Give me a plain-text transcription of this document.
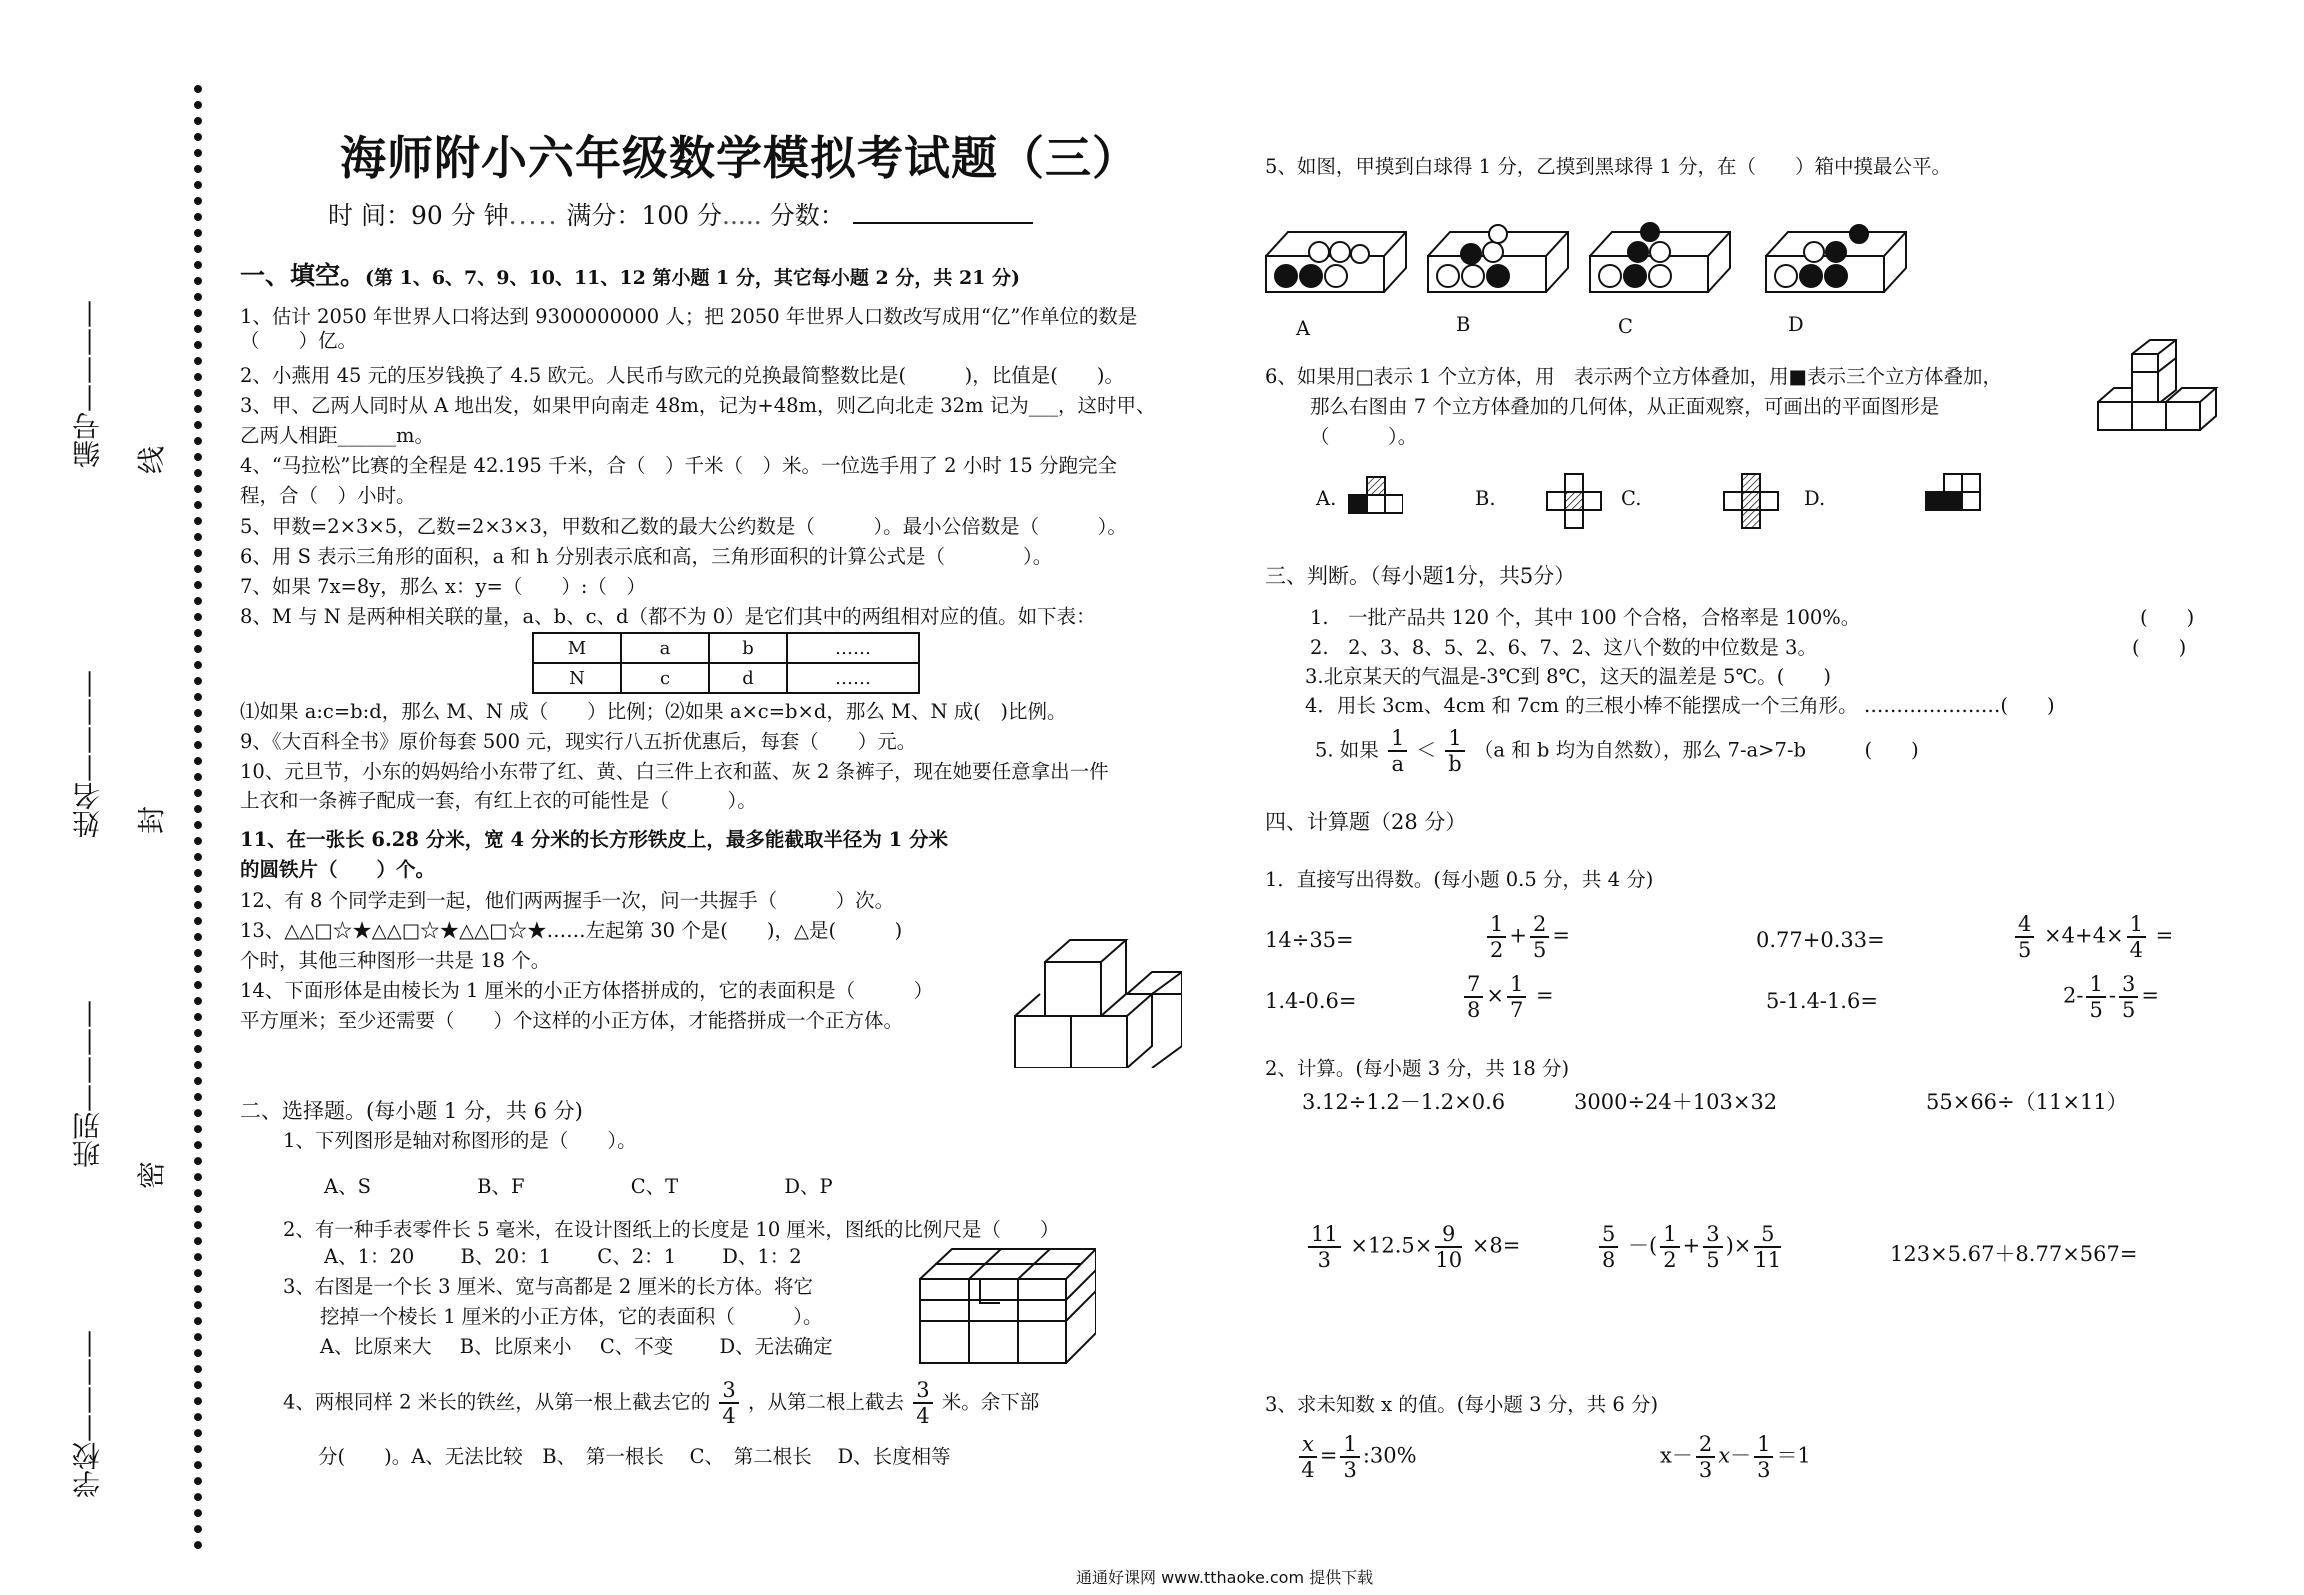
学校————
班别————
姓名————
编号————
密
封
线
海师附小六年级数学模拟考试题（三）
时 间：90 分 钟..... 满分：100 分..... 分数：
一、填空。(第 1、6、7、9、10、11、12 第小题 1 分，其它每小题 2 分，共 21 分)
1、估计 2050 年世界人口将达到 9300000000 人；把 2050 年世界人口数改写成用“亿”作单位的数是
（　　）亿。
2、小燕用 45 元的压岁钱换了 4.5 欧元。人民币与欧元的兑换最简整数比是(　　　)，比值是(　　)。
3、甲、乙两人同时从 A 地出发，如果甲向南走 48m，记为+48m，则乙向北走 32m 记为___，这时甲、
乙两人相距______m。
4、“马拉松”比赛的全程是 42.195 千米，合（　）千米（　）米。一位选手用了 2 小时 15 分跑完全
程，合（　）小时。
5、甲数=2×3×5，乙数=2×3×3，甲数和乙数的最大公约数是（　　　）。最小公倍数是（　　　）。
6、用 S 表示三角形的面积，a 和 h 分别表示底和高，三角形面积的计算公式是（　　　　）。
7、如果 7x=8y，那么 x：y=（　　）:（　）
8、M 与 N 是两种相关联的量，a、b、c、d（都不为 0）是它们其中的两组相对应的值。如下表：
M	a	b	……
N	c	d	……
⑴如果 a:c=b:d，那么 M、N 成（　　）比例；⑵如果 a×c=b×d，那么 M、N 成(　)比例。
9、《大百科全书》原价每套 500 元，现实行八五折优惠后，每套（　　）元。
10、元旦节，小东的妈妈给小东带了红、黄、白三件上衣和蓝、灰 2 条裤子，现在她要任意拿出一件
上衣和一条裤子配成一套，有红上衣的可能性是（　　　）。
11、在一张长 6.28 分米，宽 4 分米的长方形铁皮上，最多能截取半径为 1 分米
的圆铁片（　　）个。
12、有 8 个同学走到一起，他们两两握手一次，问一共握手（　　　）次。
13、△△□☆★△△□☆★△△□☆★……左起第 30 个是(　　)，△是(　　　)
个时，其他三种图形一共是 18 个。
14、下面形体是由棱长为 1 厘米的小正方体搭拼成的，它的表面积是（　　　）
平方厘米；至少还需要（　　）个这样的小正方体，才能搭拼成一个正方体。
二、选择题。(每小题 1 分，共 6 分)
1、下列图形是轴对称图形的是（　　）。
A、S	B、F	C、T	D、P
2、有一种手表零件长 5 毫米，在设计图纸上的长度是 10 厘米，图纸的比例尺是（　　）
A、1：20 B、20：1 C、2：1 D、1：2
3、右图是一个长 3 厘米、宽与高都是 2 厘米的长方体。将它
挖掉一个棱长 1 厘米的小正方体，它的表面积（　　　）。
A、比原来大 B、比原来小 C、不变 D、无法确定
4、两根同样 2 米长的铁丝，从第一根上截去它的 $\frac{3}{4}$ ，从第二根上截去 $\frac{3}{4}$ 米。余下部
分(　　)。A、无法比较　B、　第一根长　 C、　第二根长　 D、长度相等
5、如图，甲摸到白球得 1 分，乙摸到黑球得 1 分，在（　　）箱中摸最公平。
A	B	C	D
6、如果用□表示 1 个立方体，用　表示两个立方体叠加，用■表示三个立方体叠加，
那么右图由 7 个立方体叠加的几何体，从正面观察，可画出的平面图形是
（　　　）。
A.	B.	C.	D.
三、判断。（每小题1分，共5分）
1.　一批产品共 120 个，其中 100 个合格，合格率是 100%。	(　　)
2.　2、3、8、5、2、6、7、2、这八个数的中位数是 3。	(　　)
3.北京某天的气温是-3℃到 8℃，这天的温差是 5℃。(　　)
4．用长 3cm、4cm 和 7cm 的三根小棒不能摆成一个三角形。 …………………(　　)
5. 如果 $\frac{1}{a} < \frac{1}{b} (a$ 和 b 均为自然数），那么 7-a>7-b　　　(　　)
四、计算题（28 分）
1．直接写出得数。(每小题 0.5 分，共 4 分)
14÷35=	$\frac{1}{2} + \frac{2}{5}$ =	0.77+0.33=	$\frac{4}{5} \times 4+4\times \frac{1}{4}$ =
1.4-0.6=	$\frac{7}{8} \times \frac{1}{7}$ =	5-1.4-1.6=	$2- \frac{1}{5} - \frac{3}{5}$ =
2、计算。(每小题 3 分，共 18 分)
3.12÷1.2－1.2×0.6	3000÷24＋103×32	55×66÷（11×11）
$\frac{11}{3} \times 12.5\times \frac{9}{10} \times 8=$	$\frac{5}{8}$ －( $\frac{1}{2} + \frac{3}{5}$ )× $\frac{5}{11}$	123×5.67＋8.77×567=
3、求未知数 x 的值。(每小题 3 分，共 6 分)
$\frac{x}{4} = \frac{1}{3}$ :30%	$x- \frac{2}{3} x- \frac{1}{3} =1$
通通好课网 www.tthaoke.com 提供下载
